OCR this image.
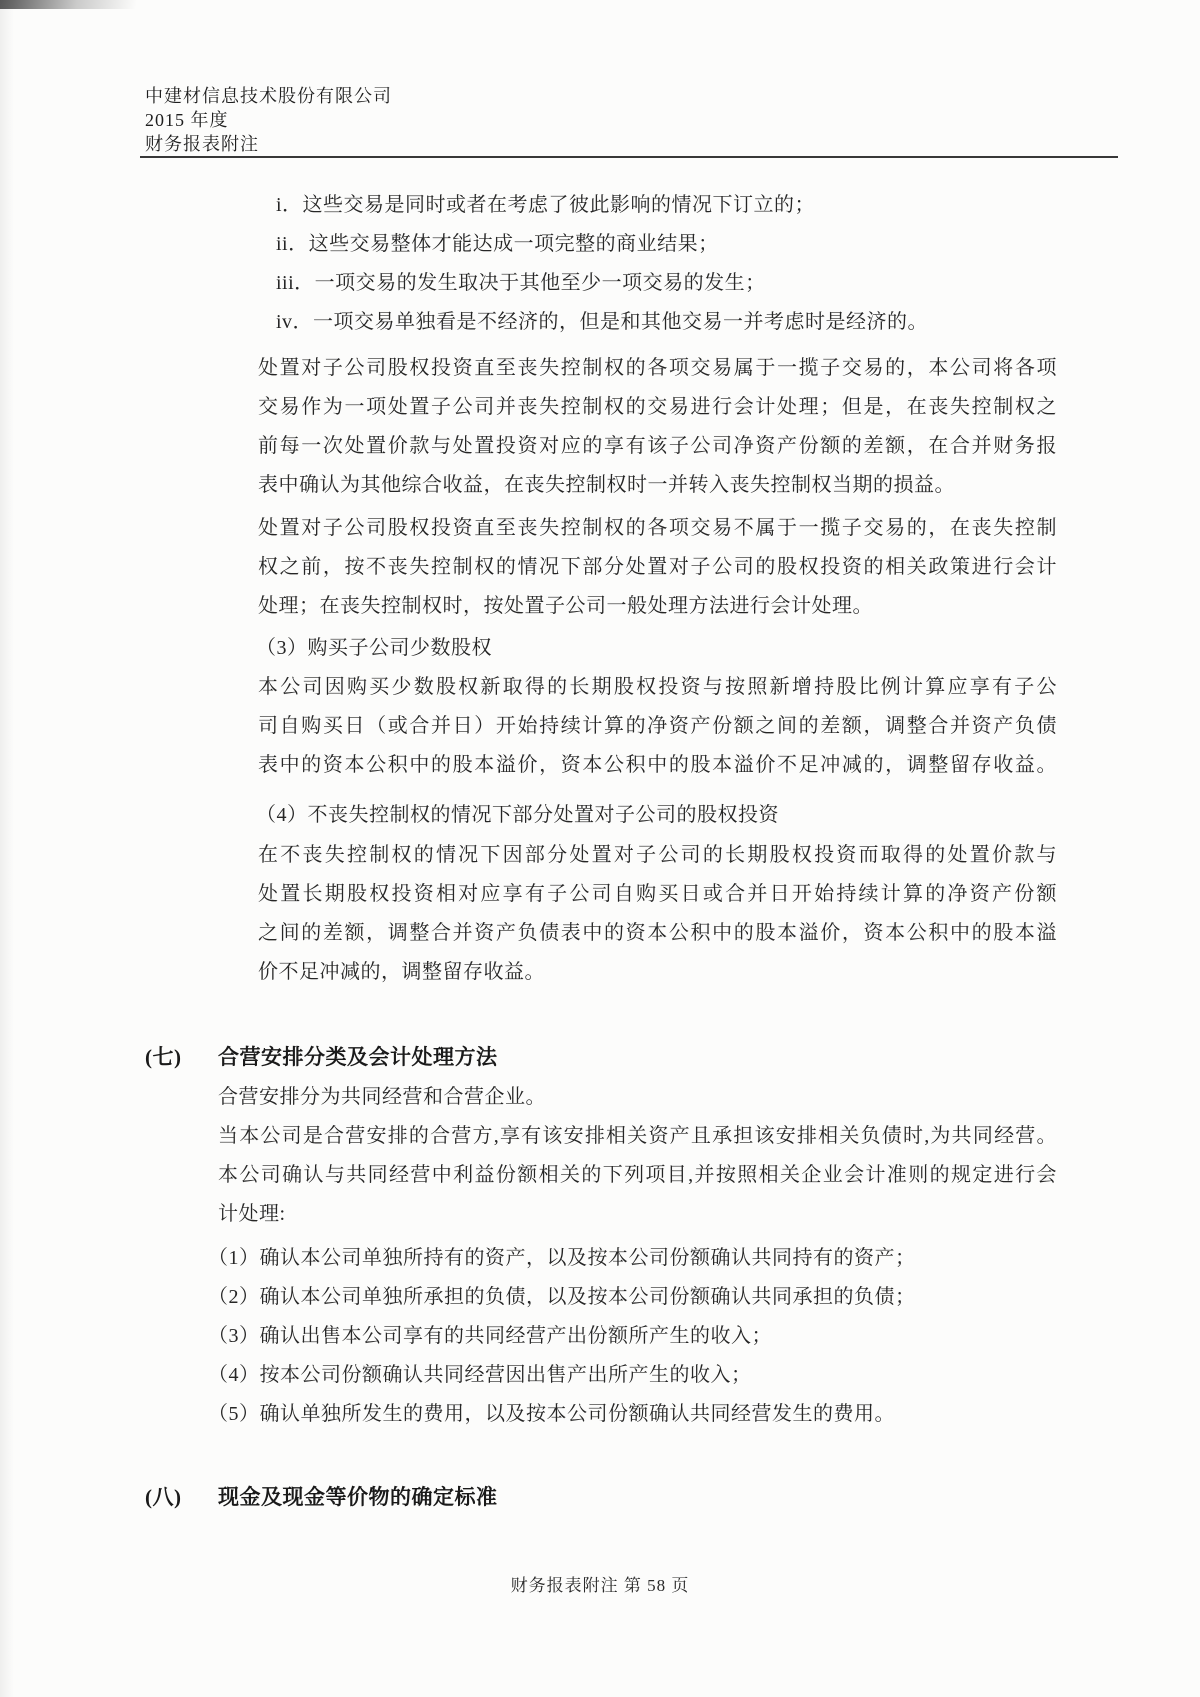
中建材信息技术股份有限公司
2015 年度
财务报表附注
i．这些交易是同时或者在考虑了彼此影响的情况下订立的；
ii．这些交易整体才能达成一项完整的商业结果；
iii．一项交易的发生取决于其他至少一项交易的发生；
iv．一项交易单独看是不经济的，但是和其他交易一并考虑时是经济的。
处置对子公司股权投资直至丧失控制权的各项交易属于一揽子交易的，本公司将各项
交易作为一项处置子公司并丧失控制权的交易进行会计处理；但是，在丧失控制权之
前每一次处置价款与处置投资对应的享有该子公司净资产份额的差额，在合并财务报
表中确认为其他综合收益，在丧失控制权时一并转入丧失控制权当期的损益。
处置对子公司股权投资直至丧失控制权的各项交易不属于一揽子交易的，在丧失控制
权之前，按不丧失控制权的情况下部分处置对子公司的股权投资的相关政策进行会计
处理；在丧失控制权时，按处置子公司一般处理方法进行会计处理。
（3）购买子公司少数股权
本公司因购买少数股权新取得的长期股权投资与按照新增持股比例计算应享有子公
司自购买日（或合并日）开始持续计算的净资产份额之间的差额，调整合并资产负债
表中的资本公积中的股本溢价，资本公积中的股本溢价不足冲减的，调整留存收益。
（4）不丧失控制权的情况下部分处置对子公司的股权投资
在不丧失控制权的情况下因部分处置对子公司的长期股权投资而取得的处置价款与
处置长期股权投资相对应享有子公司自购买日或合并日开始持续计算的净资产份额
之间的差额，调整合并资产负债表中的资本公积中的股本溢价，资本公积中的股本溢
价不足冲减的，调整留存收益。
(七) 合营安排分类及会计处理方法
合营安排分为共同经营和合营企业。
当本公司是合营安排的合营方,享有该安排相关资产且承担该安排相关负债时,为共同经营。
本公司确认与共同经营中利益份额相关的下列项目,并按照相关企业会计准则的规定进行会
计处理:
（1）确认本公司单独所持有的资产，以及按本公司份额确认共同持有的资产；
（2）确认本公司单独所承担的负债，以及按本公司份额确认共同承担的负债；
（3）确认出售本公司享有的共同经营产出份额所产生的收入；
（4）按本公司份额确认共同经营因出售产出所产生的收入；
（5）确认单独所发生的费用，以及按本公司份额确认共同经营发生的费用。
(八) 现金及现金等价物的确定标准
财务报表附注 第 58 页
